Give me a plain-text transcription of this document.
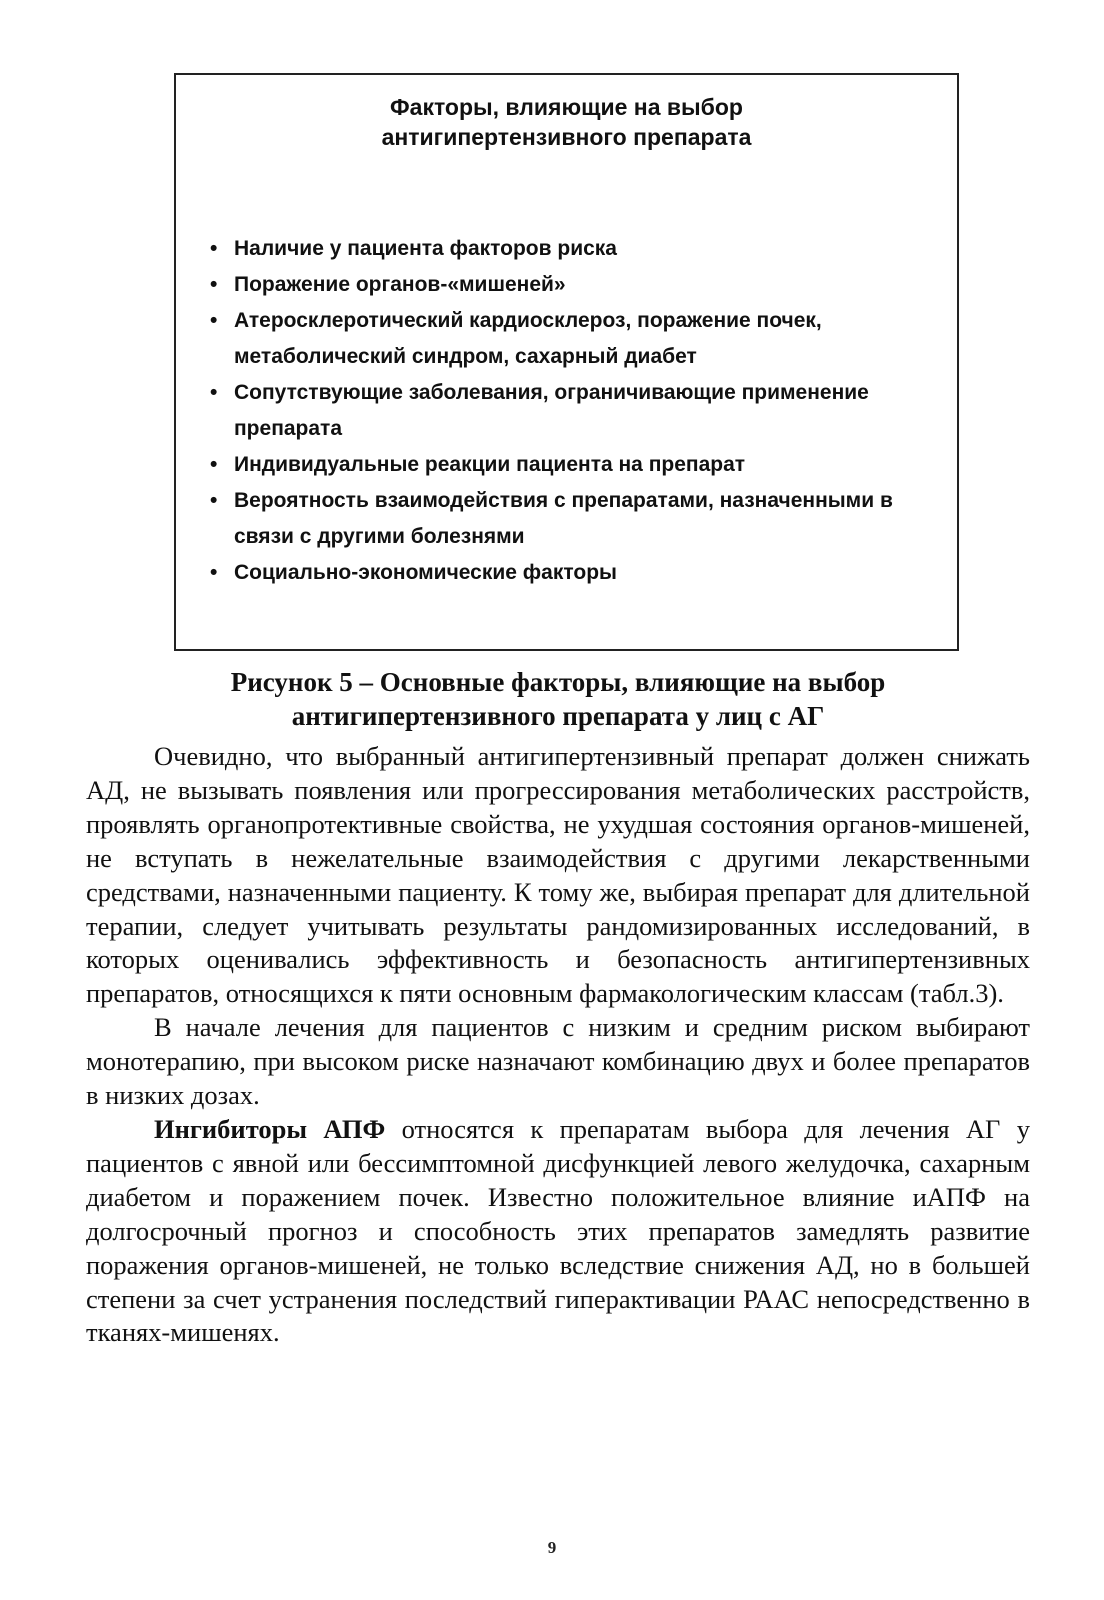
Факторы, влияющие на выбор
антигипертензивного препарата
• Наличие у пациента факторов риска
• Поражение органов-«мишеней»
• Атеросклеротический кардиосклероз, поражение почек, метаболический синдром, сахарный диабет
• Сопутствующие заболевания, ограничивающие применение препарата
• Индивидуальные реакции пациента на препарат
• Вероятность взаимодействия с препаратами, назначенными в связи с другими болезнями
• Социально-экономические факторы
Рисунок 5 – Основные факторы, влияющие на выбор
антигипертензивного препарата у лиц с АГ

Очевидно, что выбранный антигипертензивный препарат должен снижать АД, не вызывать появления или прогрессирования метаболических расстройств, проявлять органопротективные свойства, не ухудшая состояния органов-мишеней, не вступать в нежелательные взаимодействия с другими лекарственными средствами, назначенными пациенту. К тому же, выбирая препарат для длительной терапии, следует учитывать результаты рандомизированных исследований, в которых оценивались эффективность и безопасность антигипертензивных препаратов, относящихся к пяти основным фармакологическим классам (табл.3).

В начале лечения для пациентов с низким и средним риском выбирают монотерапию, при высоком риске назначают комбинацию двух и более препаратов в низких дозах.

Ингибиторы АПФ относятся к препаратам выбора для лечения АГ у пациентов с явной или бессимптомной дисфункцией левого желудочка, сахарным диабетом и поражением почек. Известно положительное влияние иАПФ на долгосрочный прогноз и способность этих препаратов замедлять развитие поражения органов-мишеней, не только вследствие снижения АД, но в большей степени за счет устранения последствий гиперактивации РААС непосредственно в тканях-мишенях.

9
